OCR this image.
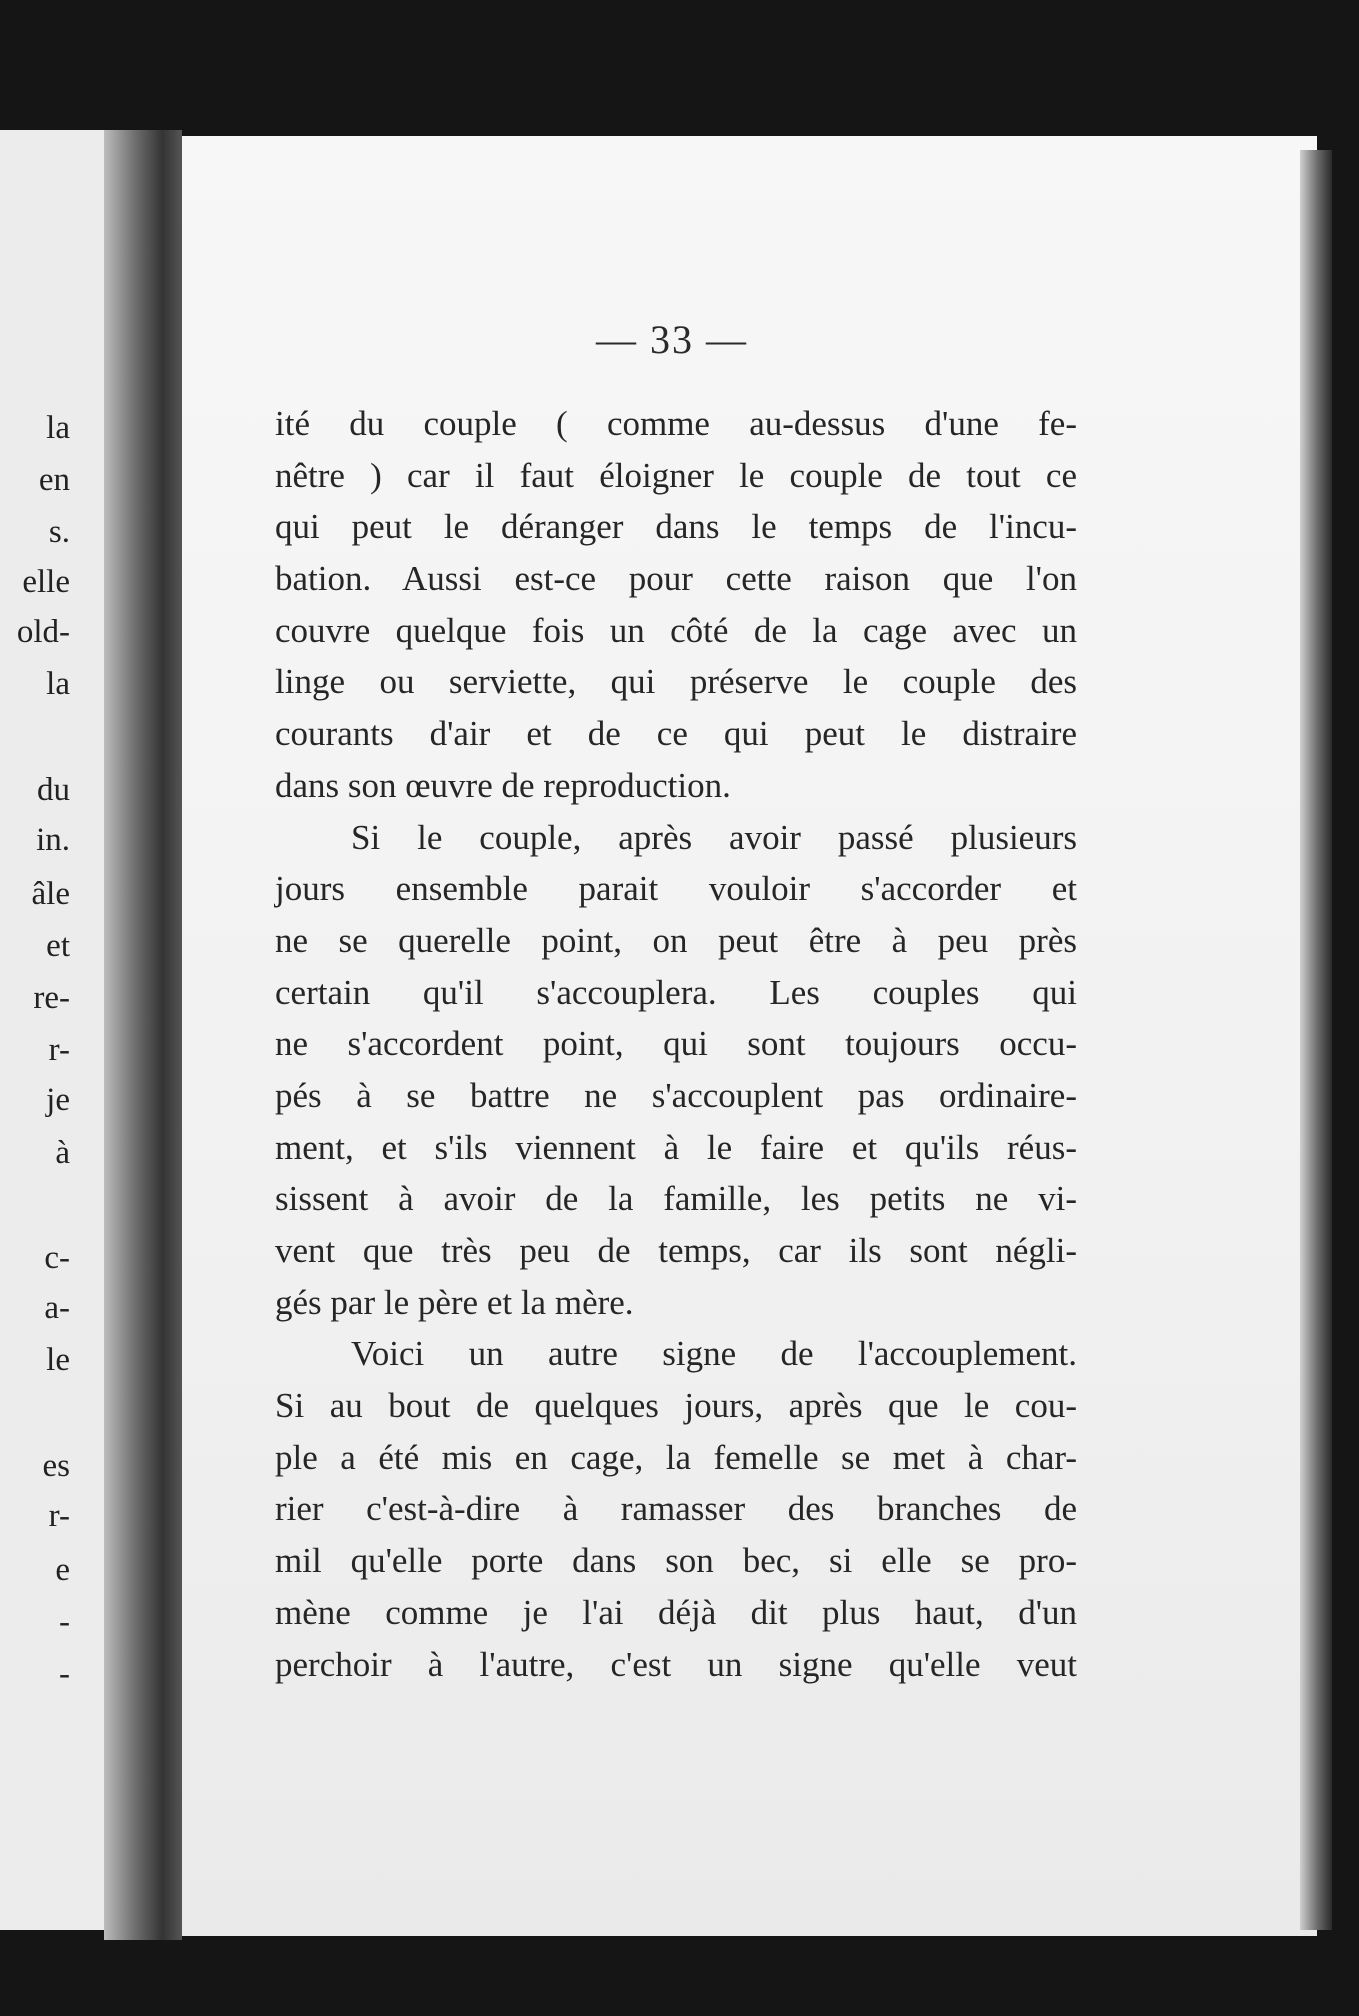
la
en
s.
elle
old-
la
du
in.
âle
et
re-
r-
je
à
c-
a-
le
es
r-
e
-
-
— 33 —
ité du couple ( comme au-dessus d'une fe-
nêtre ) car il faut éloigner le couple de tout ce
qui peut le déranger dans le temps de l'incu-
bation. Aussi est-ce pour cette raison que l'on
couvre quelque fois un côté de la cage avec un
linge ou serviette, qui préserve le couple des
courants d'air et de ce qui peut le distraire
dans son œuvre de reproduction.
Si le couple, après avoir passé plusieurs
jours ensemble parait vouloir s'accorder et
ne se querelle point, on peut être à peu près
certain qu'il s'accouplera. Les couples qui
ne s'accordent point, qui sont toujours occu-
pés à se battre ne s'accouplent pas ordinaire-
ment, et s'ils viennent à le faire et qu'ils réus-
sissent à avoir de la famille, les petits ne vi-
vent que très peu de temps, car ils sont négli-
gés par le père et la mère.
Voici un autre signe de l'accouplement.
Si au bout de quelques jours, après que le cou-
ple a été mis en cage, la femelle se met à char-
rier c'est-à-dire à ramasser des branches de
mil qu'elle porte dans son bec, si elle se pro-
mène comme je l'ai déjà dit plus haut, d'un
perchoir à l'autre, c'est un signe qu'elle veut
